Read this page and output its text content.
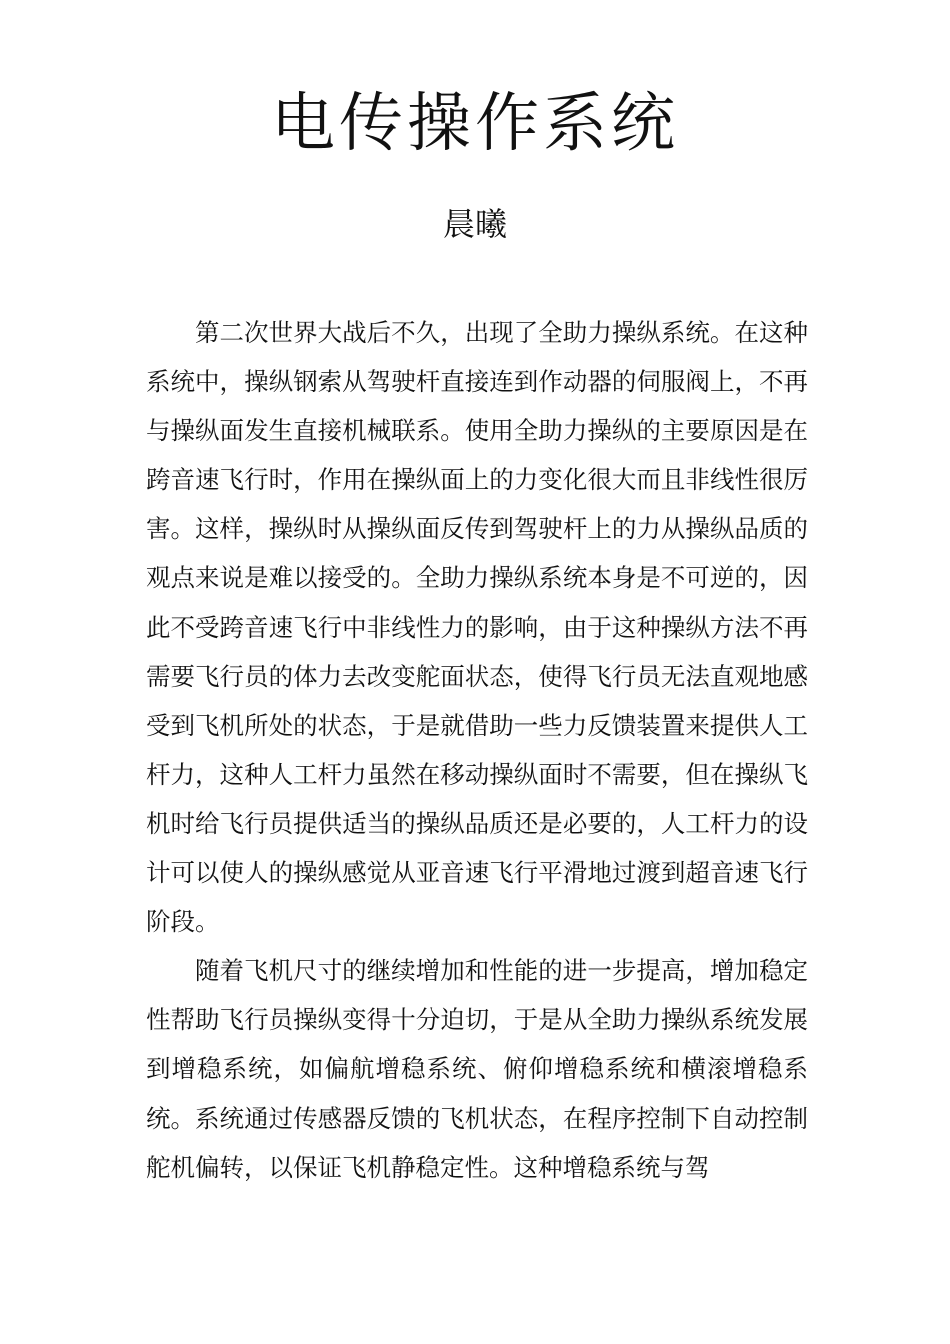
电传操作系统
晨曦

第二次世界大战后不久，出现了全助力操纵系统。在这种系统中，操纵钢索从驾驶杆直接连到作动器的伺服阀上，不再与操纵面发生直接机械联系。使用全助力操纵的主要原因是在跨音速飞行时，作用在操纵面上的力变化很大而且非线性很厉害。这样，操纵时从操纵面反传到驾驶杆上的力从操纵品质的观点来说是难以接受的。全助力操纵系统本身是不可逆的，因此不受跨音速飞行中非线性力的影响，由于这种操纵方法不再需要飞行员的体力去改变舵面状态，使得飞行员无法直观地感受到飞机所处的状态，于是就借助一些力反馈装置来提供人工杆力，这种人工杆力虽然在移动操纵面时不需要，但在操纵飞机时给飞行员提供适当的操纵品质还是必要的，人工杆力的设计可以使人的操纵感觉从亚音速飞行平滑地过渡到超音速飞行阶段。

随着飞机尺寸的继续增加和性能的进一步提高，增加稳定性帮助飞行员操纵变得十分迫切，于是从全助力操纵系统发展到增稳系统，如偏航增稳系统、俯仰增稳系统和横滚增稳系统。系统通过传感器反馈的飞机状态，在程序控制下自动控制舵机偏转，以保证飞机静稳定性。这种增稳系统与驾
